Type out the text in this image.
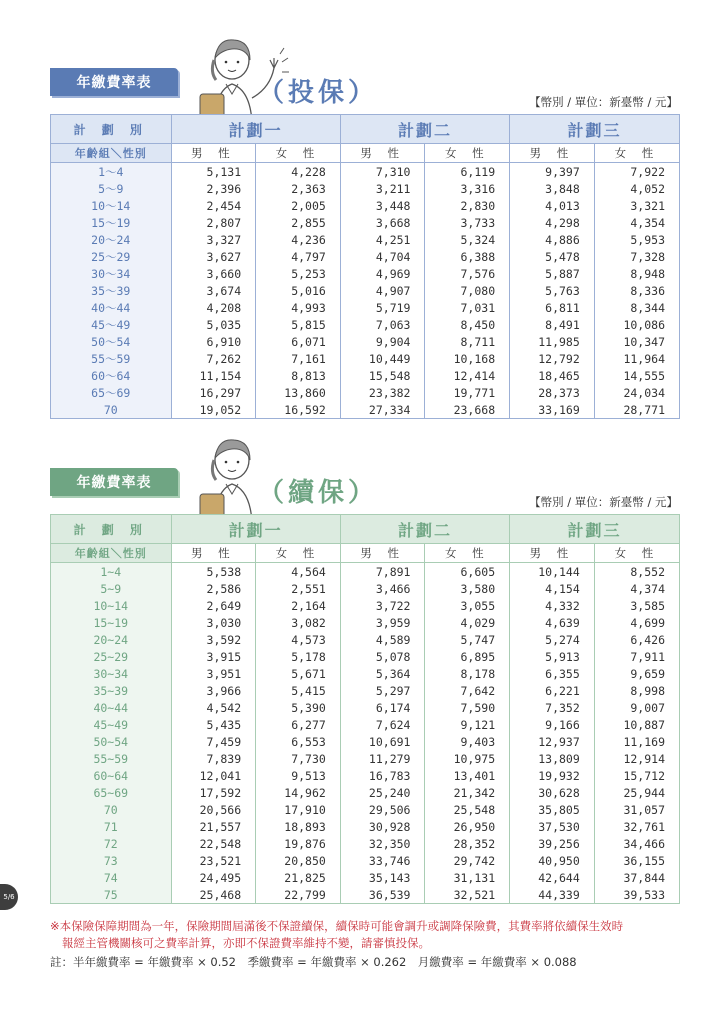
年繳費率表	（投保）	【幣別 / 單位：新臺幣 / 元】
計 劃 別	計劃一		計劃二		計劃三	
年齡組＼性別	男 性	女 性	男 性	女 性	男 性	女 性
1～4	5,131	4,228	7,310	6,119	9,397	7,922
5～9	2,396	2,363	3,211	3,316	3,848	4,052
10～14	2,454	2,005	3,448	2,830	4,013	3,321
15～19	2,807	2,855	3,668	3,733	4,298	4,354
20～24	3,327	4,236	4,251	5,324	4,886	5,953
25～29	3,627	4,797	4,704	6,388	5,478	7,328
30～34	3,660	5,253	4,969	7,576	5,887	8,948
35～39	3,674	5,016	4,907	7,080	5,763	8,336
40～44	4,208	4,993	5,719	7,031	6,811	8,344
45～49	5,035	5,815	7,063	8,450	8,491	10,086
50～54	6,910	6,071	9,904	8,711	11,985	10,347
55～59	7,262	7,161	10,449	10,168	12,792	11,964
60～64	11,154	8,813	15,548	12,414	18,465	14,555
65～69	16,297	13,860	23,382	19,771	28,373	24,034
70	19,052	16,592	27,334	23,668	33,169	28,771
年繳費率表	（續保）	【幣別 / 單位：新臺幣 / 元】
計 劃 別	計劃一		計劃二		計劃三	
年齡組＼性別	男 性	女 性	男 性	女 性	男 性	女 性
1~4	5,538	4,564	7,891	6,605	10,144	8,552
5~9	2,586	2,551	3,466	3,580	4,154	4,374
10~14	2,649	2,164	3,722	3,055	4,332	3,585
15~19	3,030	3,082	3,959	4,029	4,639	4,699
20~24	3,592	4,573	4,589	5,747	5,274	6,426
25~29	3,915	5,178	5,078	6,895	5,913	7,911
30~34	3,951	5,671	5,364	8,178	6,355	9,659
35~39	3,966	5,415	5,297	7,642	6,221	8,998
40~44	4,542	5,390	6,174	7,590	7,352	9,007
45~49	5,435	6,277	7,624	9,121	9,166	10,887
50~54	7,459	6,553	10,691	9,403	12,937	11,169
55~59	7,839	7,730	11,279	10,975	13,809	12,914
60~64	12,041	9,513	16,783	13,401	19,932	15,712
65~69	17,592	14,962	25,240	21,342	30,628	25,944
70	20,566	17,910	29,506	25,548	35,805	31,057
71	21,557	18,893	30,928	26,950	37,530	32,761
72	22,548	19,876	32,350	28,352	39,256	34,466
73	23,521	20,850	33,746	29,742	40,950	36,155
74	24,495	21,825	35,143	31,131	42,644	37,844
75	25,468	22,799	36,539	32,521	44,339	39,533
5/6
※本保險保障期間為一年，保險期間屆滿後不保證續保，續保時可能會調升或調降保險費，其費率將依續保生效時
報經主管機關核可之費率計算，亦即不保證費率維持不變，請審慎投保。
註：半年繳費率 = 年繳費率 × 0.52　季繳費率 = 年繳費率 × 0.262　月繳費率 = 年繳費率 × 0.088
